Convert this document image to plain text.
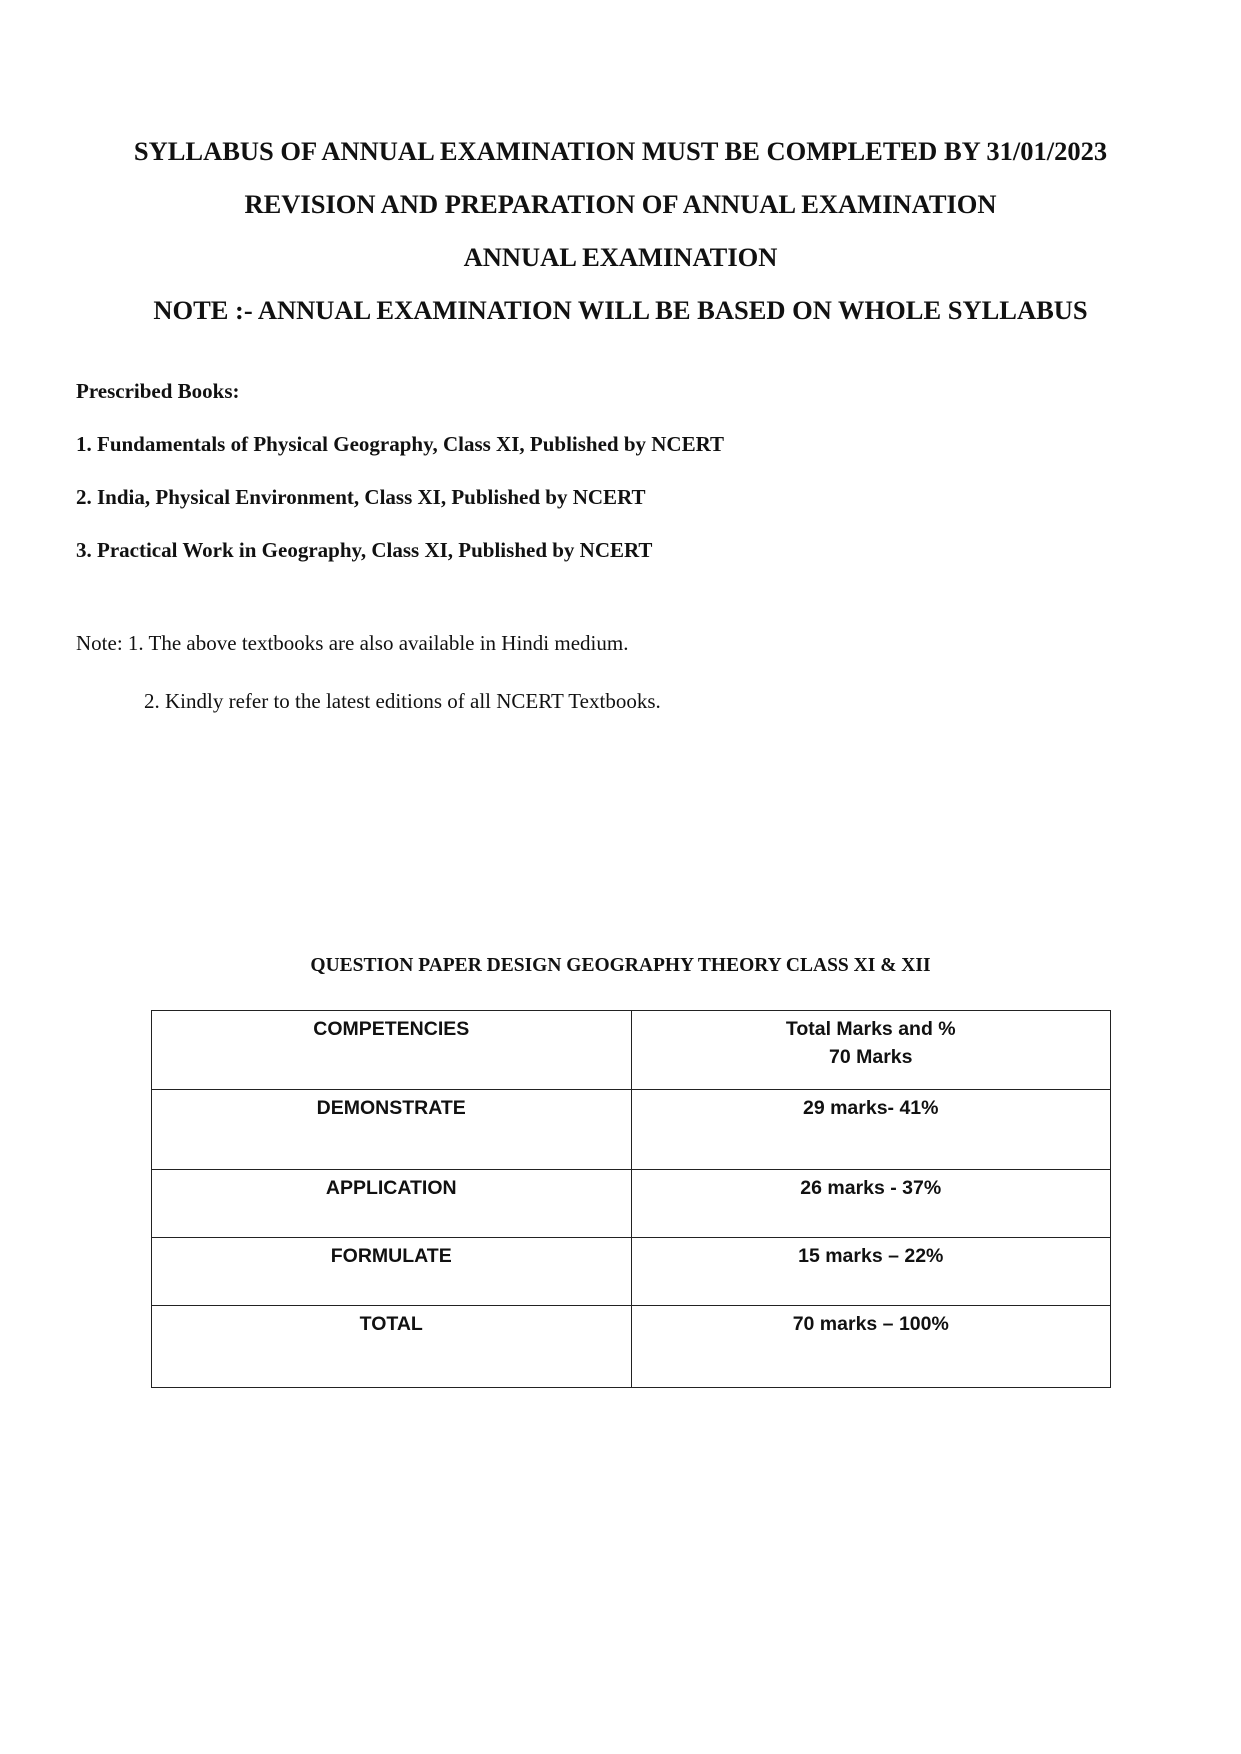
SYLLABUS OF ANNUAL EXAMINATION MUST BE COMPLETED BY 31/01/2023

REVISION AND PREPARATION OF ANNUAL EXAMINATION

ANNUAL EXAMINATION

NOTE :- ANNUAL EXAMINATION WILL BE BASED ON WHOLE SYLLABUS

Prescribed Books:

1. Fundamentals of Physical Geography, Class XI, Published by NCERT

2. India, Physical Environment, Class XI, Published by NCERT

3. Practical Work in Geography, Class XI, Published by NCERT

Note: 1. The above textbooks are also available in Hindi medium.

2. Kindly refer to the latest editions of all NCERT Textbooks.

QUESTION PAPER DESIGN GEOGRAPHY THEORY CLASS XI & XII
COMPETENCIES	Total Marks and %
70 Marks

DEMONSTRATE	29 marks- 41%
APPLICATION	26 marks - 37%
FORMULATE	15 marks – 22%
TOTAL	70 marks – 100%
